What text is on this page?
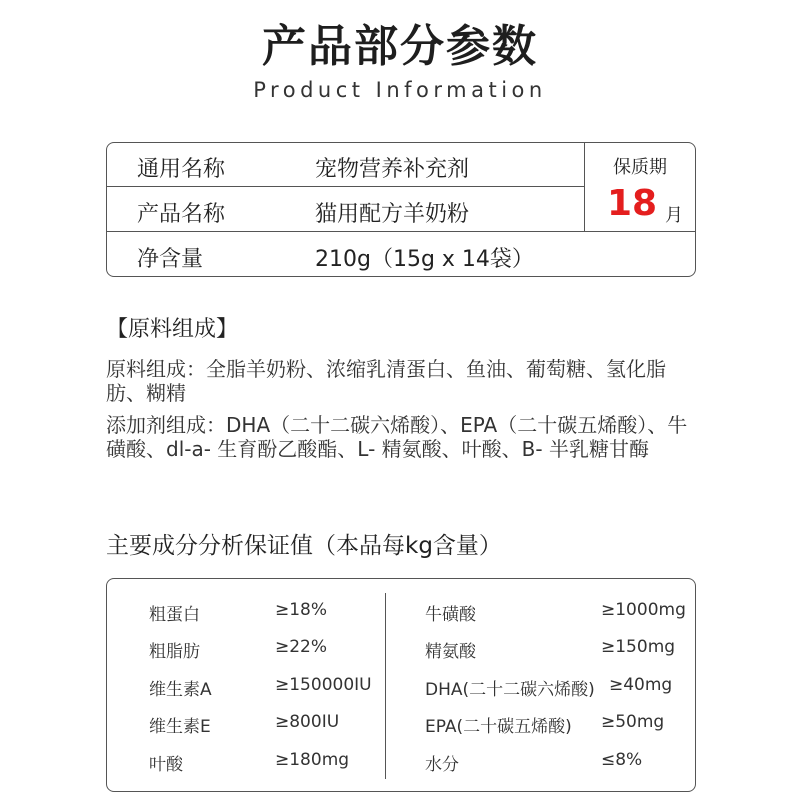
产品部分参数
Product Information
通用名称	宠物营养补充剂
产品名称	猫用配方羊奶粉
净含量	210g（15g x 14袋）
保质期
18 月
【原料组成】
原料组成：全脂羊奶粉、浓缩乳清蛋白、鱼油、葡萄糖、氢化脂肪、糊精
添加剂组成：DHA（二十二碳六烯酸）、EPA（二十碳五烯酸）、牛磺酸、dl-a- 生育酚乙酸酯、L- 精氨酸、叶酸、B- 半乳糖甘酶
主要成分分析保证值（本品每kg含量）
粗蛋白	≥18%
粗脂肪	≥22%
维生素A	≥150000IU
维生素E	≥800IU
叶酸	≥180mg
牛磺酸	≥1000mg
精氨酸	≥150mg
DHA(二十二碳六烯酸) ≥40mg
EPA(二十碳五烯酸) ≥50mg
水分	≤8%
